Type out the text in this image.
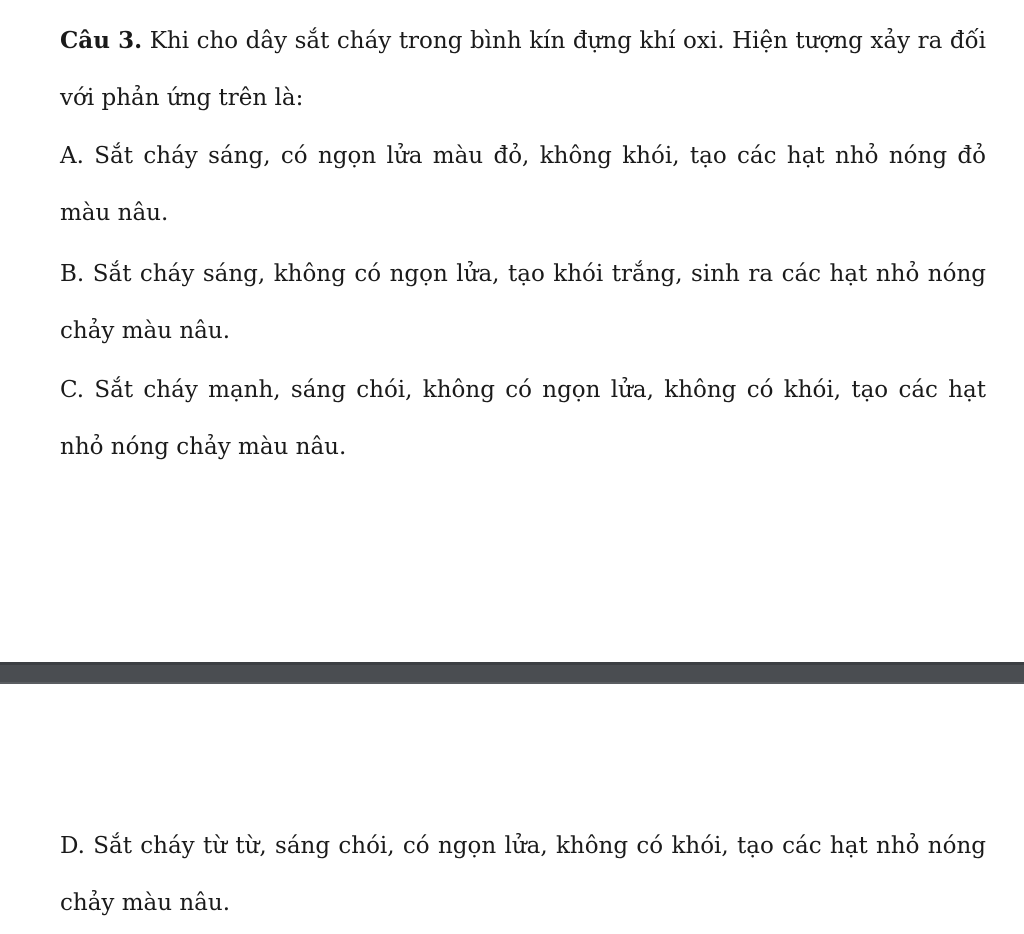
Câu 3. Khi cho dây sắt cháy trong bình kín đựng khí oxi. Hiện tượng xảy ra đối với phản ứng trên là:

A. Sắt cháy sáng, có ngọn lửa màu đỏ, không khói, tạo các hạt nhỏ nóng đỏ màu nâu.

B. Sắt cháy sáng, không có ngọn lửa, tạo khói trắng, sinh ra các hạt nhỏ nóng chảy màu nâu.

C. Sắt cháy mạnh, sáng chói, không có ngọn lửa, không có khói, tạo các hạt nhỏ nóng chảy màu nâu.

D. Sắt cháy từ từ, sáng chói, có ngọn lửa, không có khói, tạo các hạt nhỏ nóng chảy màu nâu.
